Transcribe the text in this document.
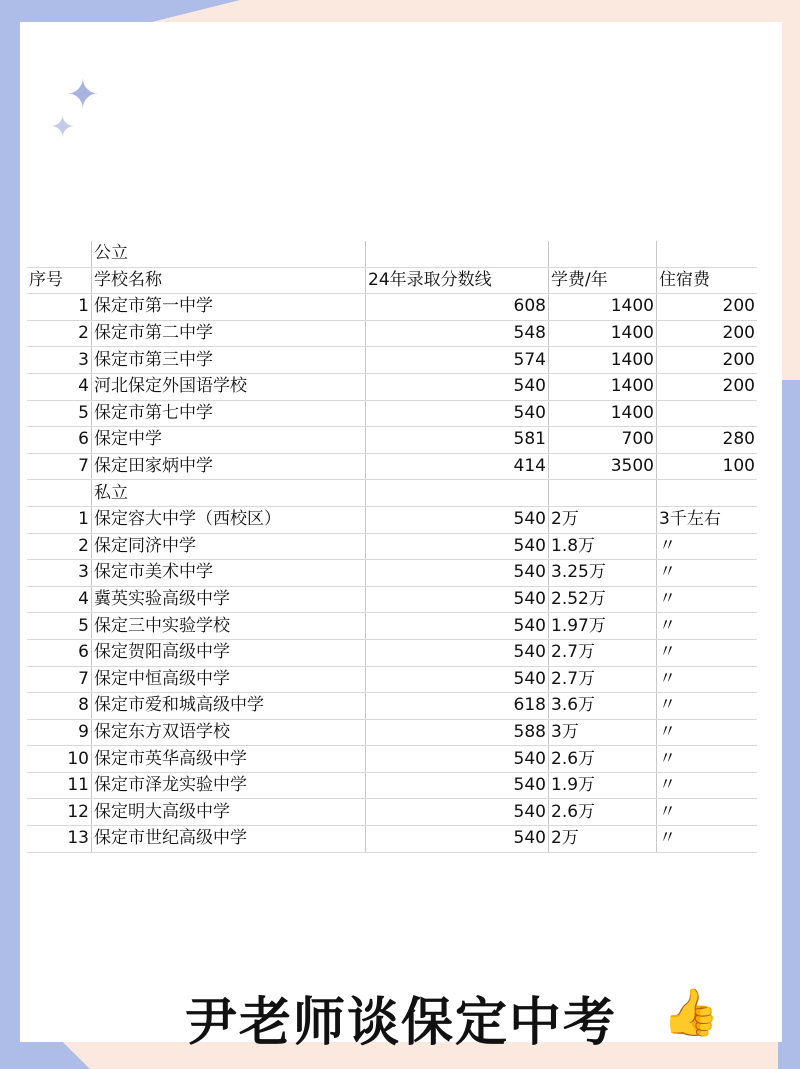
✦
✦
	公立			
序号	学校名称	24年录取分数线	学费/年	住宿费
1	保定市第一中学	608	1400	200
2	保定市第二中学	548	1400	200
3	保定市第三中学	574	1400	200
4	河北保定外国语学校	540	1400	200
5	保定市第七中学	540	1400	
6	保定中学	581	700	280
7	保定田家炳中学	414	3500	100
	私立			
1	保定容大中学（西校区）	540	2万	3千左右
2	保定同济中学	540	1.8万	〃
3	保定市美术中学	540	3.25万	〃
4	冀英实验高级中学	540	2.52万	〃
5	保定三中实验学校	540	1.97万	〃
6	保定贺阳高级中学	540	2.7万	〃
7	保定中恒高级中学	540	2.7万	〃
8	保定市爱和城高级中学	618	3.6万	〃
9	保定东方双语学校	588	3万	〃
10	保定市英华高级中学	540	2.6万	〃
11	保定市泽龙实验中学	540	1.9万	〃
12	保定明大高级中学	540	2.6万	〃
13	保定市世纪高级中学	540	2万	〃
尹老师谈保定中考 👍
